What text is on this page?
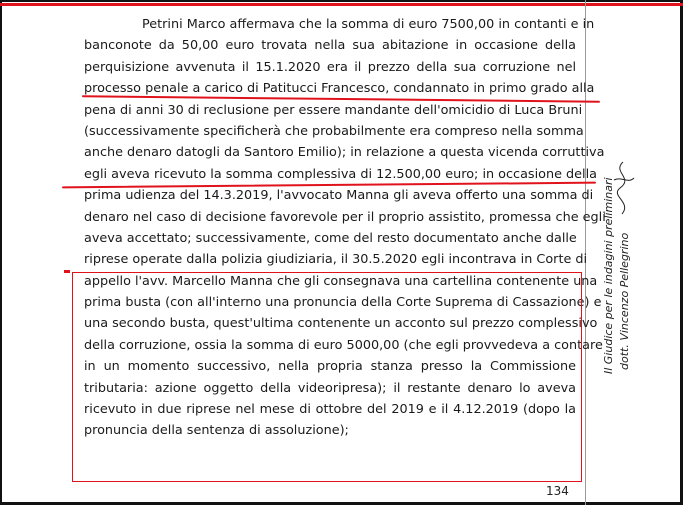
Petrini Marco affermava che la somma di euro 7500,00 in contanti e in
banconote da 50,00 euro trovata nella sua abitazione in occasione della
perquisizione avvenuta il 15.1.2020 era il prezzo della sua corruzione nel
processo penale a carico di Patitucci Francesco, condannato in primo grado alla
pena di anni 30 di reclusione per essere mandante dell'omicidio di Luca Bruni
(successivamente specificherà che probabilmente era compreso nella somma
anche denaro datogli da Santoro Emilio); in relazione a questa vicenda corruttiva
egli aveva ricevuto la somma complessiva di 12.500,00 euro; in occasione della
prima udienza del 14.3.2019, l'avvocato Manna gli aveva offerto una somma di
denaro nel caso di decisione favorevole per il proprio assistito, promessa che egli
aveva accettato; successivamente, come del resto documentato anche dalle
riprese operate dalla polizia giudiziaria, il 30.5.2020 egli incontrava in Corte di
appello l'avv. Marcello Manna che gli consegnava una cartellina contenente una
prima busta (con all'interno una pronuncia della Corte Suprema di Cassazione) e
una secondo busta, quest'ultima contenente un acconto sul prezzo complessivo
della corruzione, ossia la somma di euro 5000,00 (che egli provvedeva a contare
in un momento successivo, nella propria stanza presso la Commissione
tributaria: azione oggetto della videoripresa); il restante denaro lo aveva
ricevuto in due riprese nel mese di ottobre del 2019 e il 4.12.2019 (dopo la
pronuncia della sentenza di assoluzione);
134
Il Giudice per le indagini preliminari dott. Vincenzo Pellegrino
